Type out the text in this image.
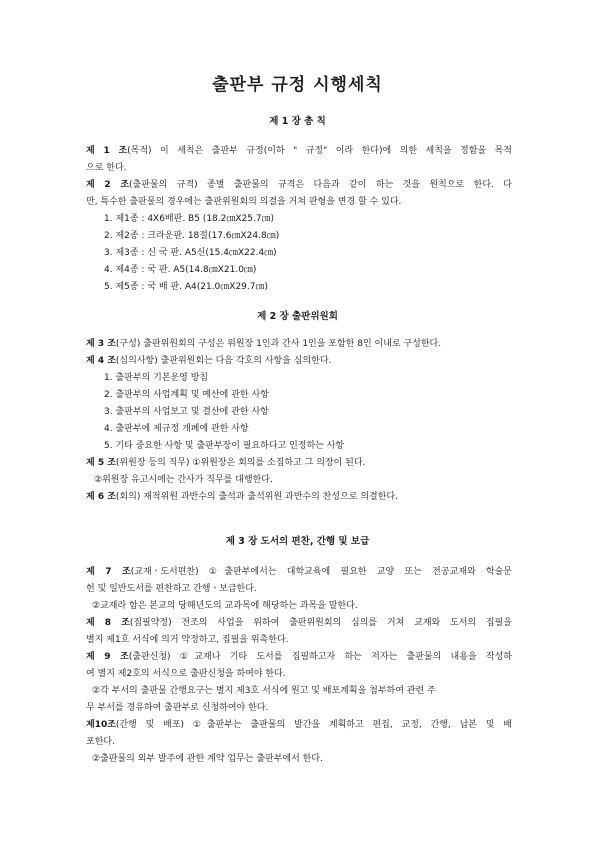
출판부 규정 시행세칙
제 1 장 총 칙
제 1 조(목적) 이 세칙은 출판부 규정(이하 " 규정" 이라 한다)에 의한 세칙을 정함을 목적
으로 한다.
제 2 조(출판물의 규격) 종별 출판물의 규격은 다음과 같이 하는 것을 원칙으로 한다. 다
만, 특수한 출판물의 경우에는 출판위원회의 의결을 거쳐 판형을 변경 할 수 있다.
1. 제1종 : 4X6배판. B5 (18.2㎝X25.7㎝)
2. 제2종 : 크라운판. 18절(17.6㎝X24.8㎝)
3. 제3종 : 신 국 판. A5신(15.4㎝X22.4㎝)
4. 제4종 : 국 판. A5(14.8㎝X21.0㎝)
5. 제5종 : 국 배 판. A4(21.0㎝X29.7㎝)
제 2 장 출판위원회
제 3 조(구성) 출판위원회의 구성은 위원장 1인과 간사 1인을 포함한 8인 이내로 구성한다.
제 4 조(심의사항) 출판위원회는 다음 각호의 사항을 심의한다.
1. 출판부의 기본운영 방침
2. 출판부의 사업계획 및 예산에 관한 사항
3. 출판부의 사업보고 및 결산에 관한 사항
4. 출판부에 제규정 개폐에 관한 사항
5. 기타 중요한 사항 및 출판부장이 필요하다고 인정하는 사항
제 5 조(위원장 등의 직무) ①위원장은 회의를 소집하고 그 의장이 된다.
②위원장 유고시에는 간사가 직무를 대행한다.
제 6 조(회의) 재적위원 과반수의 출석과 출석위원 과반수의 찬성으로 의결한다.
제 3 장 도서의 편찬, 간행 및 보급
제 7 조(교재ㆍ도서편찬) ①출판부에서는 대학교육에 필요한 교양 또는 전공교재와 학술문
헌 및 일반도서를 편찬하고 간행ㆍ보급한다.
②교재라 함은 본교의 당해년도의 교과목에 해당하는 과목을 말한다.
제 8 조(집필약정) 전조의 사업을 위하여 출판위원회의 심의를 거쳐 교재와 도서의 집필을
별지 제1호 서식에 의거 약정하고, 집필을 위촉한다.
제 9 조(출판신청) ①교재나 기타 도서를 집필하고자 하는 저자는 출판물의 내용을 작성하
여 별지 제2호의 서식으로 출판신청을 하여야 한다.
②각 부서의 출판물 간행요구는 별지 제3호 서식에 원고 및 배포계획을 첨부하여 관련 주
무 부서를 경유하여 출판부로 신청하여야 한다.
제10조(간행 및 배포) ①출판부는 출판물의 발간을 계획하고 편집, 교정, 간행, 납본 및 배
포한다.
②출판물의 외부 발주에 관한 계약 업무는 출판부에서 한다.
